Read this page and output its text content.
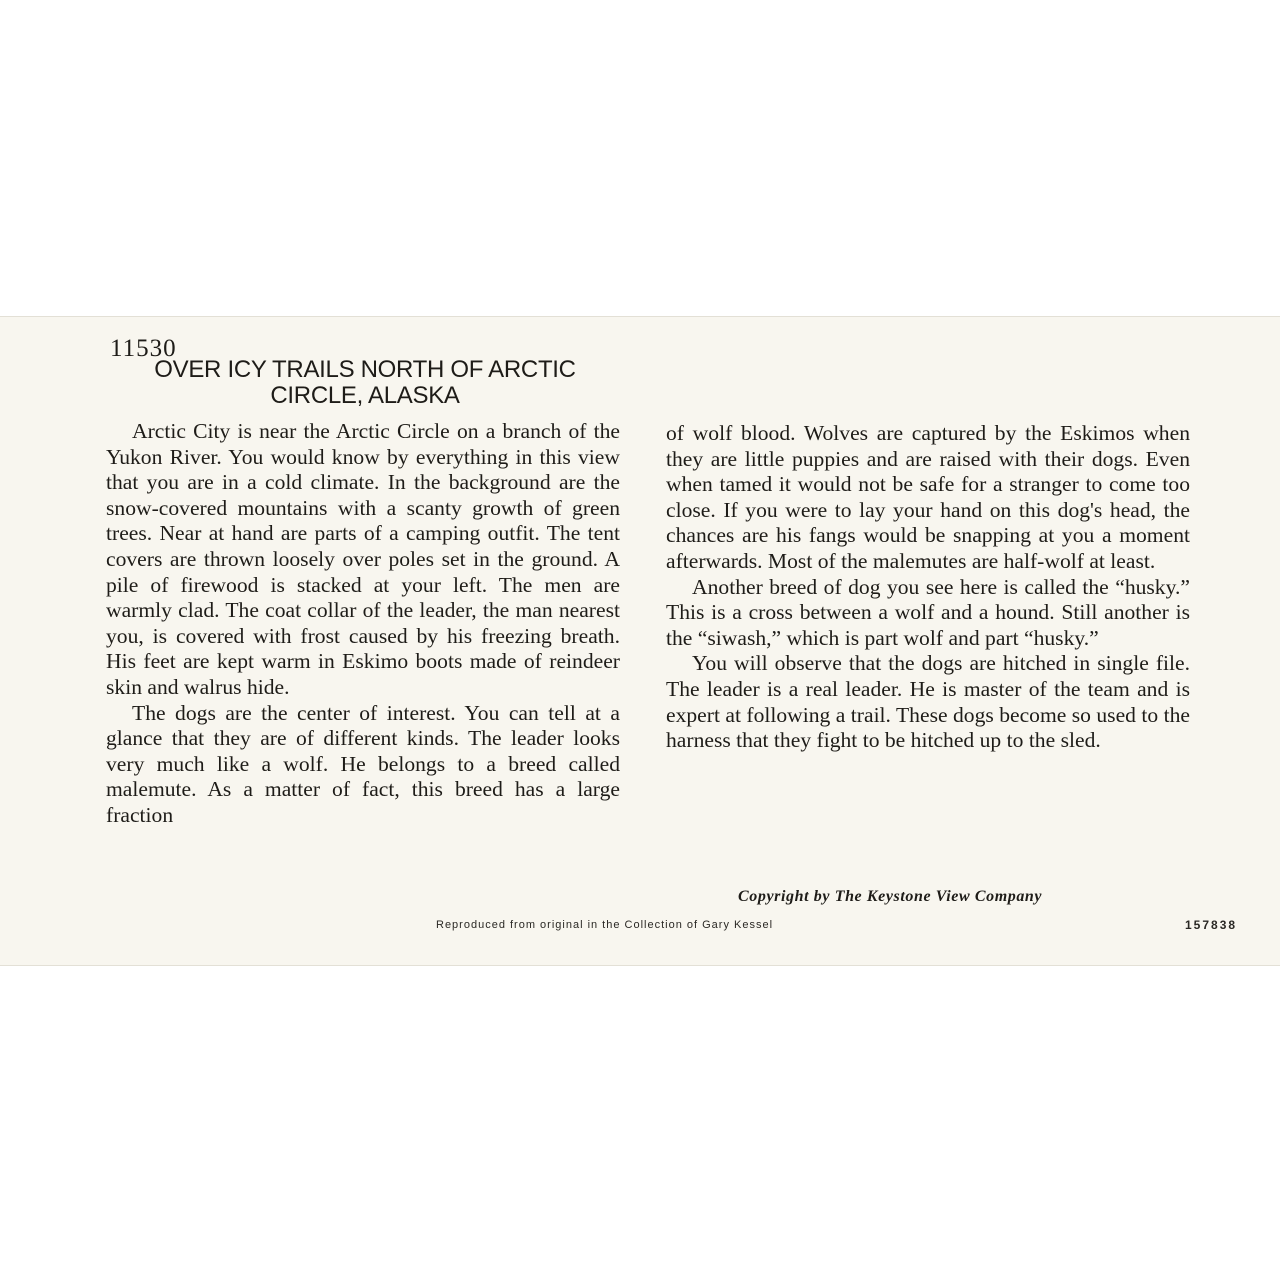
11530
OVER ICY TRAILS NORTH OF ARCTIC
CIRCLE, ALASKA

Arctic City is near the Arctic Circle on a branch of the Yukon River. You would know by everything in this view that you are in a cold climate. In the background are the snow-covered mountains with a scanty growth of green trees. Near at hand are parts of a camping outfit. The tent covers are thrown loosely over poles set in the ground. A pile of firewood is stacked at your left. The men are warmly clad. The coat collar of the leader, the man nearest you, is covered with frost caused by his freezing breath. His feet are kept warm in Eskimo boots made of reindeer skin and walrus hide.

The dogs are the center of interest. You can tell at a glance that they are of different kinds. The leader looks very much like a wolf. He belongs to a breed called malemute. As a matter of fact, this breed has a large fraction

of wolf blood. Wolves are captured by the Eskimos when they are little puppies and are raised with their dogs. Even when tamed it would not be safe for a stranger to come too close. If you were to lay your hand on this dog's head, the chances are his fangs would be snapping at you a moment afterwards. Most of the malemutes are half-wolf at least.

Another breed of dog you see here is called the “husky.” This is a cross between a wolf and a hound. Still another is the “siwash,” which is part wolf and part “husky.”

You will observe that the dogs are hitched in single file. The leader is a real leader. He is master of the team and is expert at following a trail. These dogs become so used to the harness that they fight to be hitched up to the sled.

Copyright by The Keystone View Company
Reproduced from original in the Collection of Gary Kessel	157838
